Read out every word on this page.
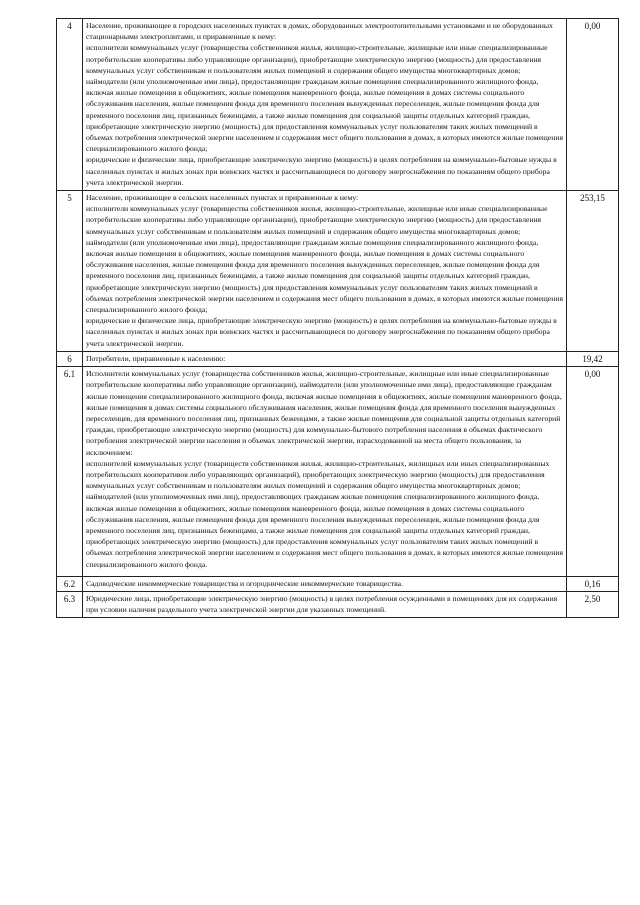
4	Население, проживающее в городских населенных пунктах в домах, оборудованных электроотопительными установками и не оборудованных стационарными электроплитами, и приравненные к нему:
исполнители коммунальных услуг (товарищества собственников жилья, жилищно-строительные, жилищные или иные специализированные потребительские кооперативы либо управляющие организации), приобретающие электрическую энергию (мощность) для предоставления коммунальных услуг собственникам и пользователям жилых помещений и содержания общего имущества многоквартирных домов;
наймодатели (или уполномоченные ими лица), предоставляющие гражданам жилые помещения специализированного жилищного фонда, включая жилые помещения в общежитиях, жилые помещения маневренного фонда, жилые помещения в домах системы социального обслуживания населения, жилые помещения фонда для временного поселения вынужденных переселенцев, жилые помещения фонда для временного поселения лиц, признанных беженцами, а также жилые помещения для социальной защиты отдельных категорий граждан, приобретающие электрическую энергию (мощность) для предоставления коммунальных услуг пользователям таких жилых помещений в объемах потребления электрической энергии населением и содержания мест общего пользования в домах, в которых имеются жилые помещения специализированного жилого фонда;
юридические и физические лица, приобретающие электрическую энергию (мощность) в целях потребления на коммунально-бытовые нужды в населенных пунктах и жилых зонах при воинских частях и рассчитывающиеся по договору энергоснабжения по показаниям общего прибора учета электрической энергии.	0,00
5	Население, проживающее в сельских населенных пунктах и приравненные к нему:
исполнители коммунальных услуг (товарищества собственников жилья, жилищно-строительные, жилищные или иные специализированные потребительские кооперативы либо управляющие организации), приобретающие электрическую энергию (мощность) для предоставления коммунальных услуг собственникам и пользователям жилых помещений и содержания общего имущества многоквартирных домов;
наймодатели (или уполномоченные ими лица), предоставляющие гражданам жилые помещения специализированного жилищного фонда, включая жилые помещения в общежитиях, жилые помещения маневренного фонда, жилые помещения в домах системы социального обслуживания населения, жилые помещения фонда для временного поселения вынужденных переселенцев, жилые помещения фонда для временного поселения лиц, признанных беженцами, а также жилые помещения для социальной защиты отдельных категорий граждан, приобретающие электрическую энергию (мощность) для предоставления коммунальных услуг пользователям таких жилых помещений в объемах потребления электрической энергии населением и содержания мест общего пользования в домах, в которых имеются жилые помещения специализированного жилого фонда;
юридические и физические лица, приобретающие электрическую энергию (мощность) в целях потребления на коммунально-бытовые нужды в населенных пунктах и жилых зонах при воинских частях и рассчитывающиеся по договору энергоснабжения по показаниям общего прибора учета электрической энергии.	253,15
6	Потребители, приравненные к населению:	19,42
6.1	Исполнители коммунальных услуг (товарищества собственников жилья, жилищно-строительные, жилищные или иные специализированные потребительские кооперативы либо управляющие организации), наймодатели (или уполномоченные ими лица), предоставляющие гражданам жилые помещения специализированного жилищного фонда, включая жилые помещения в общежитиях, жилые помещения маневренного фонда, жилые помещения в домах системы социального обслуживания населения, жилые помещения фонда для временного поселения вынужденных переселенцев, для временного поселения лиц, признанных беженцами, а также жилые помещения для социальной защиты отдельных категорий граждан, приобретающие электрическую энергию (мощность) для коммунально-бытового потребления населения в объемах фактического потребления электрической энергии населения и объемах электрической энергии, израсходованной на места общего пользования, за исключением:
исполнителей коммунальных услуг (товариществ собственников жилья, жилищно-строительных, жилищных или иных специализированных потребительских кооперативов либо управляющих организаций), приобретающих электрическую энергию (мощность) для предоставления коммунальных услуг собственникам и пользователям жилых помещений и содержания общего имущества многоквартирных домов;
наймодателей (или уполномоченных ими лиц), предоставляющих гражданам жилые помещения специализированного жилищного фонда, включая жилые помещения в общежитиях, жилые помещения маневренного фонда, жилые помещения в домах системы социального обслуживания населения, жилые помещения фонда для временного поселения вынужденных переселенцев, жилые помещения фонда для временного поселения лиц, признанных беженцами, а также жилые помещения для социальной защиты отдельных категорий граждан, приобретающих электрическую энергию (мощность) для предоставления коммунальных услуг пользователям таких жилых помещений в объемах потребления электрической энергии населением и содержания мест общего пользования в домах, в которых имеются жилые помещения специализированного жилого фонда.	0,00
6.2	Садоводческие некоммерческие товарищества и огороднические некоммерческие товарищества.	0,16
6.3	Юридические лица, приобретающие электрическую энергию (мощность) в целях потребления осужденными в помещениях для их содержания при условии наличия раздельного учета электрической энергии для указанных помещений.	2,50
